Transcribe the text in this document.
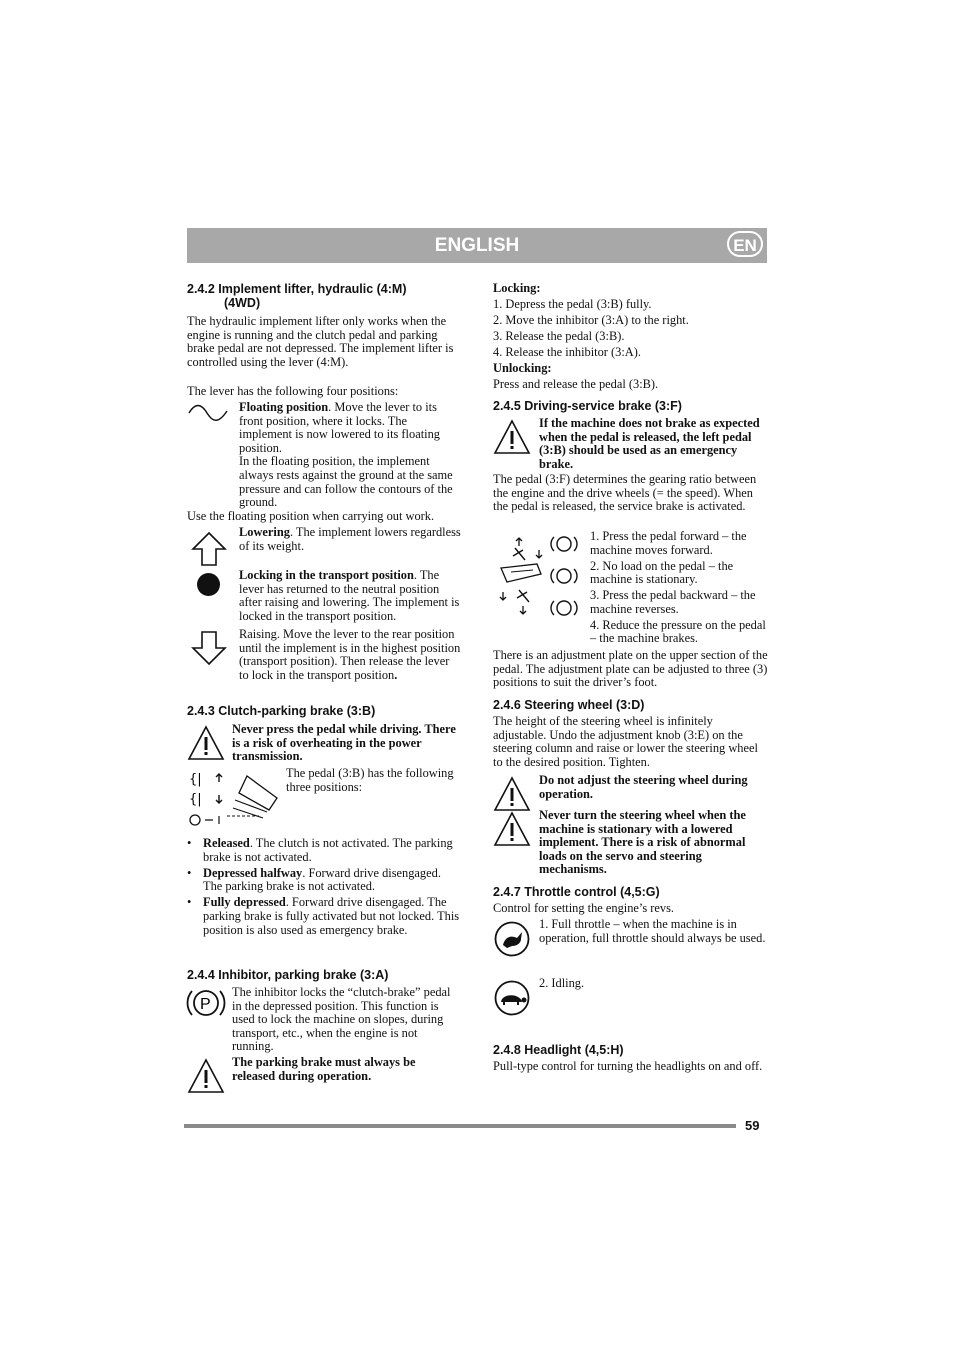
ENGLISH	EN
2.4.2 Implement lifter, hydraulic (4:M)
(4WD)
The hydraulic implement lifter only works when the engine is running and the clutch pedal and parking brake pedal are not depressed. The implement lifter is controlled using the lever (4:M).
The lever has the following four positions:
Floating position. Move the lever to its front position, where it locks. The implement is now lowered to its floating position.
In the floating position, the implement always rests against the ground at the same pressure and can follow the contours of the ground.
Use the floating position when carrying out work.
Lowering. The implement lowers regardless of its weight.
Locking in the transport position. The lever has returned to the neutral position after raising and lowering. The implement is locked in the transport position.
Raising. Move the lever to the rear position until the implement is in the highest position (transport position). Then release the lever to lock in the transport position.
2.4.3 Clutch-parking brake (3:B)
Never press the pedal while driving. There is a risk of overheating in the power transmission.
{|
{|
The pedal (3:B) has the following three positions:
• Released. The clutch is not activated. The parking brake is not activated.
• Depressed halfway. Forward drive disengaged. The parking brake is not activated.
• Fully depressed. Forward drive disengaged. The parking brake is fully activated but not locked. This position is also used as emergency brake.
2.4.4 Inhibitor, parking brake (3:A)
P
The inhibitor locks the “clutch-brake” pedal in the depressed position. This function is used to lock the machine on slopes, during transport, etc., when the engine is not running.
The parking brake must always be released during operation.
Locking:
1. Depress the pedal (3:B) fully.
2. Move the inhibitor (3:A) to the right.
3. Release the pedal (3:B).
4. Release the inhibitor (3:A).
Unlocking:
Press and release the pedal (3:B).
2.4.5 Driving-service brake (3:F)
If the machine does not brake as expected when the pedal is released, the left pedal (3:B) should be used as an emergency brake.
The pedal (3:F) determines the gearing ratio between the engine and the drive wheels (= the speed). When the pedal is released, the service brake is activated.
1. Press the pedal forward – the machine moves forward.
2. No load on the pedal – the machine is stationary.
3. Press the pedal backward – the machine reverses.
4. Reduce the pressure on the pedal – the machine brakes.
There is an adjustment plate on the upper section of the pedal. The adjustment plate can be adjusted to three (3) positions to suit the driver’s foot.
2.4.6 Steering wheel (3:D)
The height of the steering wheel is infinitely adjustable. Undo the adjustment knob (3:E) on the steering column and raise or lower the steering wheel to the desired position. Tighten.
Do not adjust the steering wheel during operation.
Never turn the steering wheel when the machine is stationary with a lowered implement. There is a risk of abnormal loads on the servo and steering mechanisms.
2.4.7 Throttle control (4,5:G)
Control for setting the engine’s revs.
1. Full throttle – when the machine is in operation, full throttle should always be used.
2. Idling.
2.4.8 Headlight (4,5:H)
Pull-type control for turning the headlights on and off.
59
